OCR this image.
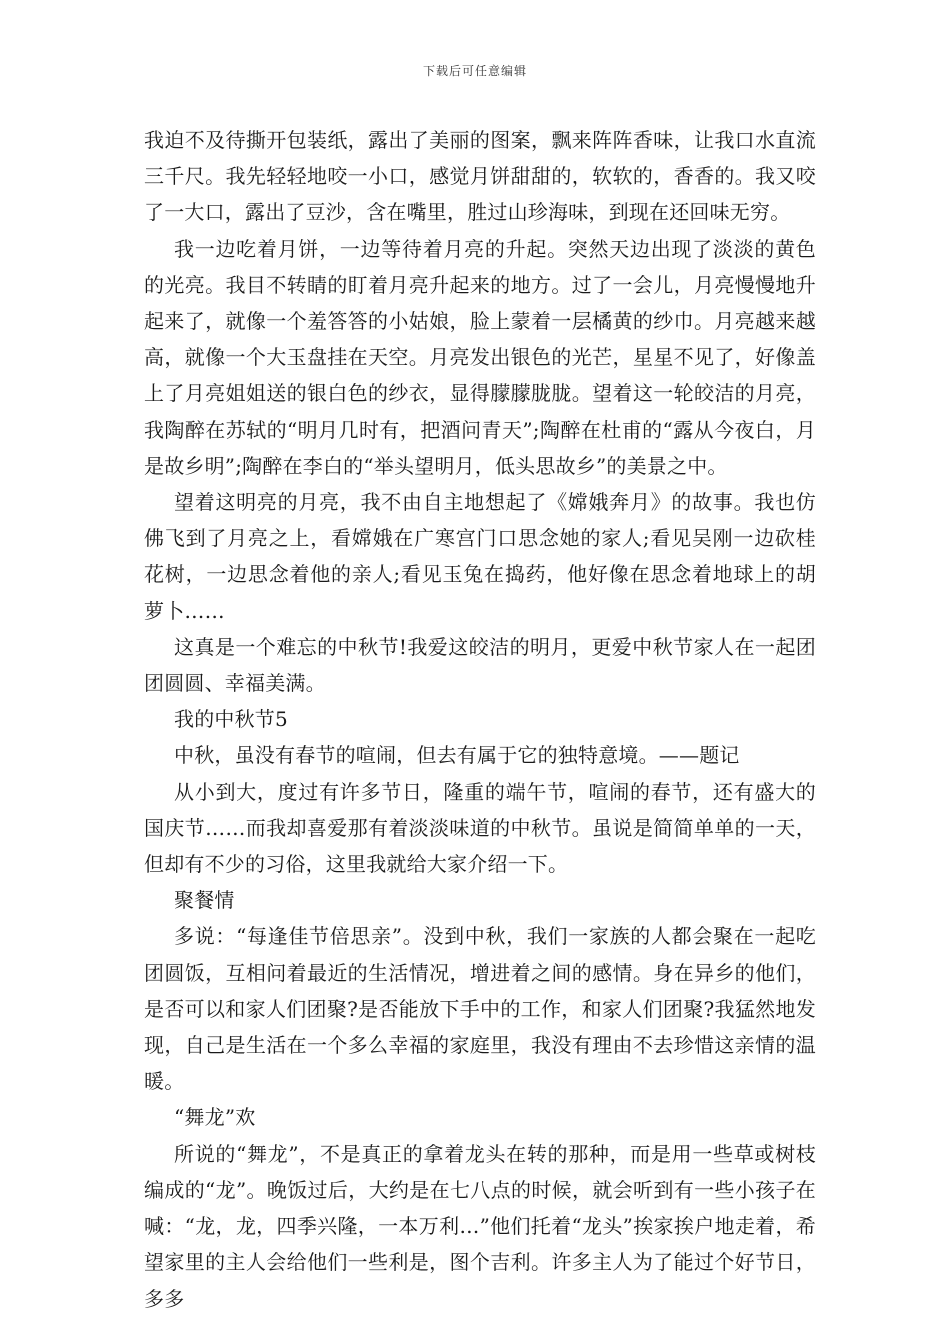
下载后可任意编辑

我迫不及待撕开包装纸，露出了美丽的图案，飘来阵阵香味，让我口水直流三千尺。我先轻轻地咬一小口，感觉月饼甜甜的，软软的，香香的。我又咬了一大口，露出了豆沙，含在嘴里，胜过山珍海味，到现在还回味无穷。

我一边吃着月饼，一边等待着月亮的升起。突然天边出现了淡淡的黄色的光亮。我目不转睛的盯着月亮升起来的地方。过了一会儿，月亮慢慢地升起来了，就像一个羞答答的小姑娘，脸上蒙着一层橘黄的纱巾。月亮越来越高，就像一个大玉盘挂在天空。月亮发出银色的光芒，星星不见了，好像盖上了月亮姐姐送的银白色的纱衣，显得朦朦胧胧。望着这一轮皎洁的月亮，我陶醉在苏轼的“明月几时有，把酒问青天”;陶醉在杜甫的“露从今夜白，月是故乡明”;陶醉在李白的“举头望明月，低头思故乡”的美景之中。

望着这明亮的月亮，我不由自主地想起了《嫦娥奔月》的故事。我也仿佛飞到了月亮之上，看嫦娥在广寒宫门口思念她的家人;看见吴刚一边砍桂花树，一边思念着他的亲人;看见玉兔在捣药，他好像在思念着地球上的胡萝卜……

这真是一个难忘的中秋节!我爱这皎洁的明月，更爱中秋节家人在一起团团圆圆、幸福美满。

我的中秋节5

中秋，虽没有春节的喧闹，但去有属于它的独特意境。——题记

从小到大，度过有许多节日，隆重的端午节，喧闹的春节，还有盛大的国庆节……而我却喜爱那有着淡淡味道的中秋节。虽说是简简单单的一天，但却有不少的习俗，这里我就给大家介绍一下。

聚餐情

多说：“每逢佳节倍思亲”。没到中秋，我们一家族的人都会聚在一起吃团圆饭，互相问着最近的生活情况，增进着之间的感情。身在异乡的他们，是否可以和家人们团聚?是否能放下手中的工作，和家人们团聚?我猛然地发现，自己是生活在一个多么幸福的家庭里，我没有理由不去珍惜这亲情的温暖。

“舞龙”欢

所说的“舞龙”，不是真正的拿着龙头在转的那种，而是用一些草或树枝编成的“龙”。晚饭过后，大约是在七八点的时候，就会听到有一些小孩子在喊：“龙，龙，四季兴隆，一本万利…”他们托着“龙头”挨家挨户地走着，希望家里的主人会给他们一些利是，图个吉利。许多主人为了能过个好节日，多多
